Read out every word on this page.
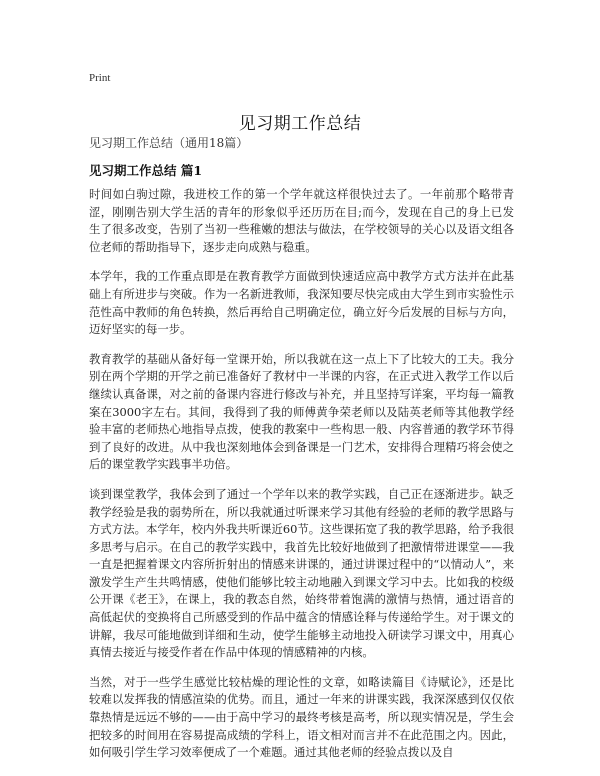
Print
见习期工作总结
见习期工作总结（通用18篇）
见习期工作总结 篇1

时间如白驹过隙，我进校工作的第一个学年就这样很快过去了。一年前那个略带青涩，刚刚告别大学生活的青年的形象似乎还历历在目;而今，发现在自己的身上已发生了很多改变，告别了当初一些稚嫩的想法与做法，在学校领导的关心以及语文组各位老师的帮助指导下，逐步走向成熟与稳重。

本学年，我的工作重点即是在教育教学方面做到快速适应高中教学方式方法并在此基础上有所进步与突破。作为一名新进教师，我深知要尽快完成由大学生到市实验性示范性高中教师的角色转换，然后再给自己明确定位，确立好今后发展的目标与方向，迈好坚实的每一步。

教育教学的基础从备好每一堂课开始，所以我就在这一点上下了比较大的工夫。我分别在两个学期的开学之前已准备好了教材中一半课的内容，在正式进入教学工作以后继续认真备课，对之前的备课内容进行修改与补充，并且坚持写详案，平均每一篇教案在3000字左右。其间，我得到了我的师傅黄争荣老师以及陆英老师等其他教学经验丰富的老师热心地指导点拨，使我的教案中一些构思一般、内容普通的教学环节得到了良好的改进。从中我也深刻地体会到备课是一门艺术，安排得合理精巧将会使之后的课堂教学实践事半功倍。

谈到课堂教学，我体会到了通过一个学年以来的教学实践，自己正在逐渐进步。缺乏教学经验是我的弱势所在，所以我就通过听课来学习其他有经验的老师的教学思路与方式方法。本学年，校内外我共听课近60节。这些课拓宽了我的教学思路，给予我很多思考与启示。在自己的教学实践中，我首先比较好地做到了把激情带进课堂——我一直是把握着课文内容所折射出的情感来讲课的，通过讲课过程中的“以情动人”，来激发学生产生共鸣情感，使他们能够比较主动地融入到课文学习中去。比如我的校级公开课《老王》，在课上，我的教态自然，始终带着饱满的激情与热情，通过语音的高低起伏的变换将自己所感受到的作品中蕴含的情感诠释与传递给学生。对于课文的讲解，我尽可能地做到详细和生动，使学生能够主动地投入研读学习课文中，用真心真情去接近与接受作者在作品中体现的情感精神的内核。

当然，对于一些学生感觉比较枯燥的理论性的文章，如略读篇目《诗赋论》，还是比较难以发挥我的情感渲染的优势。而且，通过一年来的讲课实践，我深深感到仅仅依靠热情是远远不够的——由于高中学习的最终考核是高考，所以现实情况是，学生会把较多的时间用在容易提高成绩的学科上，语文相对而言并不在此范围之内。因此，如何吸引学生学习效率便成了一个难题。通过其他老师的经验点拨以及自
